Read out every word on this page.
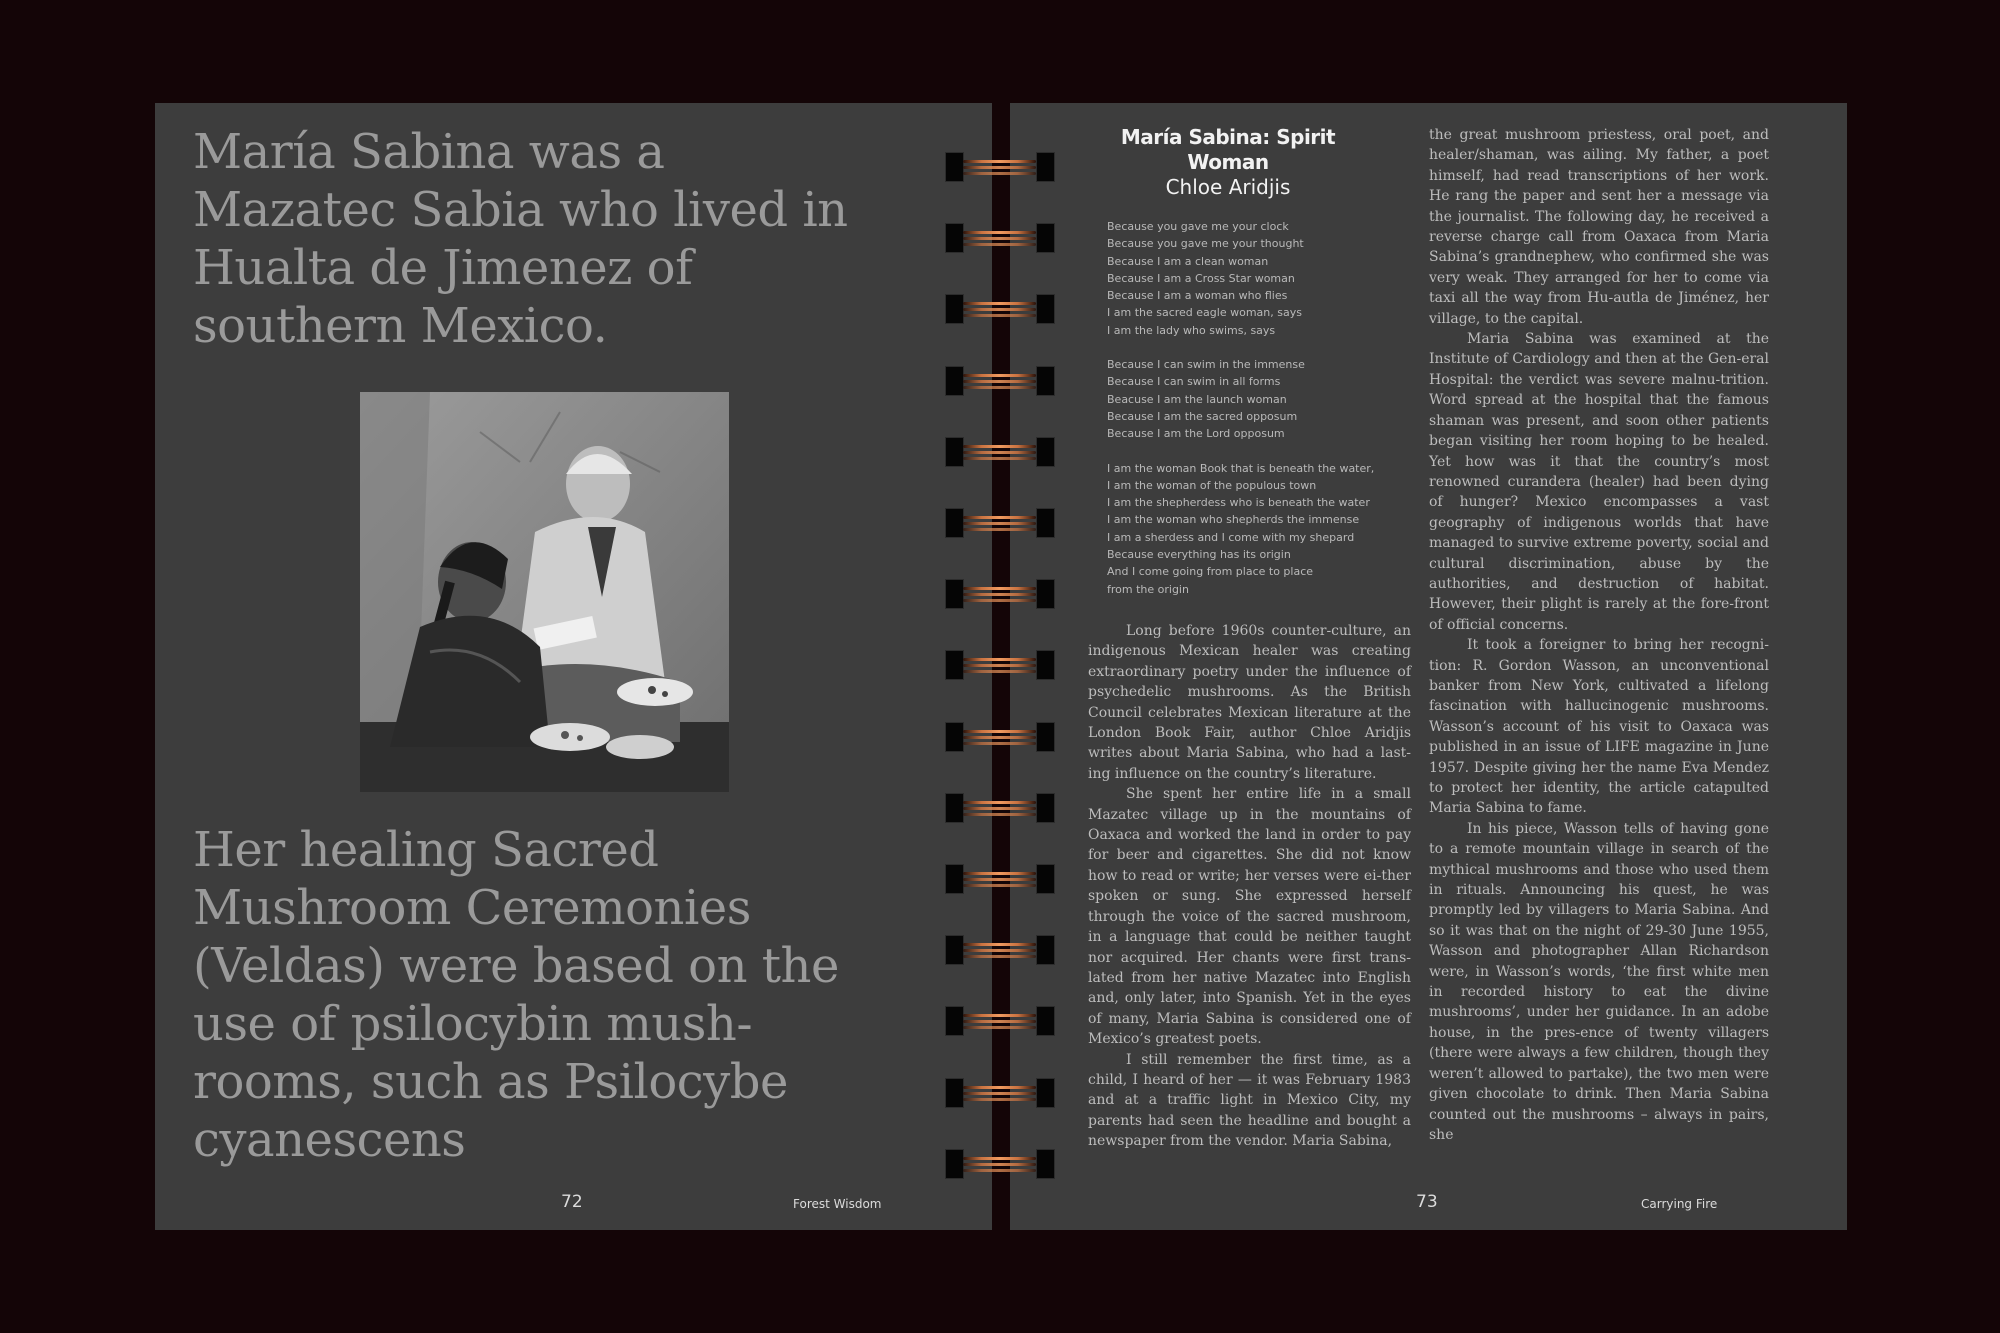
María Sabina was a Mazatec Sabia who lived in Hualta de Jimenez of southern Mexico.
Her healing Sacred Mushroom Ceremonies (Veldas) were based on the use of psilocybin mush-rooms, such as Psilocybe cyanescens
72	Forest Wisdom
María Sabina: Spirit Woman
Chloe Aridjis
Because you gave me your clock
Because you gave me your thought
Because I am a clean woman
Because I am a Cross Star woman
Because I am a woman who flies
I am the sacred eagle woman, says
I am the lady who swims, says
Because I can swim in the immense
Because I can swim in all forms
Beacuse I am the launch woman
Because I am the sacred opposum
Because I am the Lord opposum
I am the woman Book that is beneath the water,
I am the woman of the populous town
I am the shepherdess who is beneath the water
I am the woman who shepherds the immense
I am a sherdess and I come with my shepard
Because everything has its origin
And I come going from place to place
from the origin

Long before 1960s counter-culture, an indigenous Mexican healer was creating extraordinary poetry under the influence of psychedelic mushrooms. As the British Council celebrates Mexican literature at the London Book Fair, author Chloe Aridjis writes about Maria Sabina, who had a last-ing influence on the country’s literature.

She spent her entire life in a small Mazatec village up in the mountains of Oaxaca and worked the land in order to pay for beer and cigarettes. She did not know how to read or write; her verses were ei-ther spoken or sung. She expressed herself through the voice of the sacred mushroom, in a language that could be neither taught nor acquired. Her chants were first trans-lated from her native Mazatec into English and, only later, into Spanish. Yet in the eyes of many, Maria Sabina is considered one of Mexico’s greatest poets.

I still remember the first time, as a child, I heard of her — it was February 1983 and at a traffic light in Mexico City, my parents had seen the headline and bought a newspaper from the vendor. Maria Sabina,

the great mushroom priestess, oral poet, and healer/shaman, was ailing. My father, a poet himself, had read transcriptions of her work. He rang the paper and sent her a message via the journalist. The following day, he received a reverse charge call from Oaxaca from Maria Sabina’s grandnephew, who confirmed she was very weak. They arranged for her to come via taxi all the way from Hu-autla de Jiménez, her village, to the capital.

Maria Sabina was examined at the Institute of Cardiology and then at the Gen-eral Hospital: the verdict was severe malnu-trition. Word spread at the hospital that the famous shaman was present, and soon other patients began visiting her room hoping to be healed. Yet how was it that the country’s most renowned curandera (healer) had been dying of hunger? Mexico encompasses a vast geography of indigenous worlds that have managed to survive extreme poverty, social and cultural discrimination, abuse by the authorities, and destruction of habitat. However, their plight is rarely at the fore-front of official concerns.

It took a foreigner to bring her recogni-tion: R. Gordon Wasson, an unconventional banker from New York, cultivated a lifelong fascination with hallucinogenic mushrooms. Wasson’s account of his visit to Oaxaca was published in an issue of LIFE magazine in June 1957. Despite giving her the name Eva Mendez to protect her identity, the article catapulted Maria Sabina to fame.

In his piece, Wasson tells of having gone to a remote mountain village in search of the mythical mushrooms and those who used them in rituals. Announcing his quest, he was promptly led by villagers to Maria Sabina. And so it was that on the night of 29-30 June 1955, Wasson and photographer Allan Richardson were, in Wasson’s words, ‘the first white men in recorded history to eat the divine mushrooms’, under her guidance. In an adobe house, in the pres-ence of twenty villagers (there were always a few children, though they weren’t allowed to partake), the two men were given chocolate to drink. Then Maria Sabina counted out the mushrooms – always in pairs, she

73	Carrying Fire
